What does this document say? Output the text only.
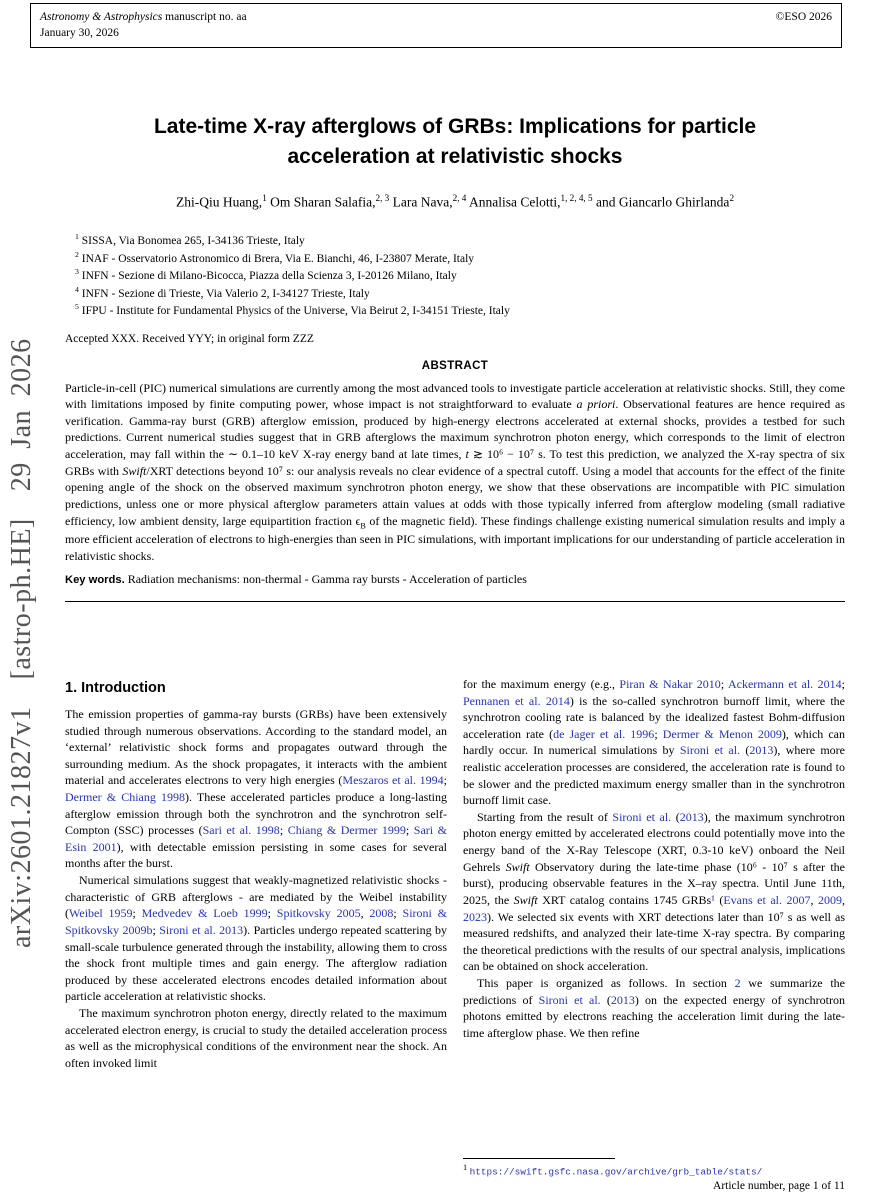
Astronomy & Astrophysics manuscript no. aa
January 30, 2026
©ESO 2026
arXiv:2601.21827v1  [astro-ph.HE]  29 Jan 2026
Late-time X-ray afterglows of GRBs: Implications for particle acceleration at relativistic shocks
Zhi-Qiu Huang,$^1$ Om Sharan Salafia,$^{2, 3}$ Lara Nava,$^{2, 4}$ Annalisa Celotti,$^{1, 2, 4, 5}$ and Giancarlo Ghirlanda$^2$
$^1$ SISSA, Via Bonomea 265, I-34136 Trieste, Italy
$^2$ INAF - Osservatorio Astronomico di Brera, Via E. Bianchi, 46, I-23807 Merate, Italy
$^3$ INFN - Sezione di Milano-Bicocca, Piazza della Scienza 3, I-20126 Milano, Italy
$^4$ INFN - Sezione di Trieste, Via Valerio 2, I-34127 Trieste, Italy
$^5$ IFPU - Institute for Fundamental Physics of the Universe, Via Beirut 2, I-34151 Trieste, Italy
Accepted XXX. Received YYY; in original form ZZZ
ABSTRACT

Particle-in-cell (PIC) numerical simulations are currently among the most advanced tools to investigate particle acceleration at relativistic shocks. Still, they come with limitations imposed by finite computing power, whose impact is not straightforward to evaluate a priori. Observational features are hence required as verification. Gamma-ray burst (GRB) afterglow emission, produced by high-energy electrons accelerated at external shocks, provides a testbed for such predictions. Current numerical studies suggest that in GRB afterglows the maximum synchrotron photon energy, which corresponds to the limit of electron acceleration, may fall within the ∼ 0.1–10 keV X-ray energy band at late times, t ≳ 10⁶ − 10⁷ s. To test this prediction, we analyzed the X-ray spectra of six GRBs with Swift/XRT detections beyond 10⁷ s: our analysis reveals no clear evidence of a spectral cutoff. Using a model that accounts for the effect of the finite opening angle of the shock on the observed maximum synchrotron photon energy, we show that these observations are incompatible with PIC simulation predictions, unless one or more physical afterglow parameters attain values at odds with those typically inferred from afterglow modeling (small radiative efficiency, low ambient density, large equipartition fraction $\epsilon_B$ of the magnetic field). These findings challenge existing numerical simulation results and imply a more efficient acceleration of electrons to high-energies than seen in PIC simulations, with important implications for our understanding of particle acceleration in relativistic shocks.

Key words. Radiation mechanisms: non-thermal - Gamma ray bursts - Acceleration of particles

1. Introduction

The emission properties of gamma-ray bursts (GRBs) have been extensively studied through numerous observations. According to the standard model, an ‘external’ relativistic shock forms and propagates outward through the surrounding medium. As the shock propagates, it interacts with the ambient material and accelerates electrons to very high energies (Meszaros et al. 1994; Dermer & Chiang 1998). These accelerated particles produce a long-lasting afterglow emission through both the synchrotron and the synchrotron self-Compton (SSC) processes (Sari et al. 1998; Chiang & Dermer 1999; Sari & Esin 2001), with detectable emission persisting in some cases for several months after the burst.

Numerical simulations suggest that weakly-magnetized relativistic shocks - characteristic of GRB afterglows - are mediated by the Weibel instability (Weibel 1959; Medvedev & Loeb 1999; Spitkovsky 2005, 2008; Sironi & Spitkovsky 2009b; Sironi et al. 2013). Particles undergo repeated scattering by small-scale turbulence generated through the instability, allowing them to cross the shock front multiple times and gain energy. The afterglow radiation produced by these accelerated electrons encodes detailed information about particle acceleration at relativistic shocks.

The maximum synchrotron photon energy, directly related to the maximum accelerated electron energy, is crucial to study the detailed acceleration process as well as the microphysical conditions of the environment near the shock. An often invoked limit

for the maximum energy (e.g., Piran & Nakar 2010; Ackermann et al. 2014; Pennanen et al. 2014) is the so-called synchrotron burnoff limit, where the synchrotron cooling rate is balanced by the idealized fastest Bohm-diffusion acceleration rate (de Jager et al. 1996; Dermer & Menon 2009), which can hardly occur. In numerical simulations by Sironi et al. (2013), where more realistic acceleration processes are considered, the acceleration rate is found to be slower and the predicted maximum energy smaller than in the synchrotron burnoff limit case.

Starting from the result of Sironi et al. (2013), the maximum synchrotron photon energy emitted by accelerated electrons could potentially move into the energy band of the X-Ray Telescope (XRT, 0.3-10 keV) onboard the Neil Gehrels Swift Observatory during the late-time phase (10⁶ - 10⁷ s after the burst), producing observable features in the X–ray spectra. Until June 11th, 2025, the Swift XRT catalog contains 1745 GRBs¹ (Evans et al. 2007, 2009, 2023). We selected six events with XRT detections later than 10⁷ s as well as measured redshifts, and analyzed their late-time X-ray spectra. By comparing the theoretical predictions with the results of our spectral analysis, implications can be obtained on shock acceleration.

This paper is organized as follows. In section 2 we summarize the predictions of Sironi et al. (2013) on the expected energy of synchrotron photons emitted by electrons reaching the acceleration limit during the late-time afterglow phase. We then refine

$^1$ https://swift.gsfc.nasa.gov/archive/grb_table/stats/
Article number, page 1 of 11
